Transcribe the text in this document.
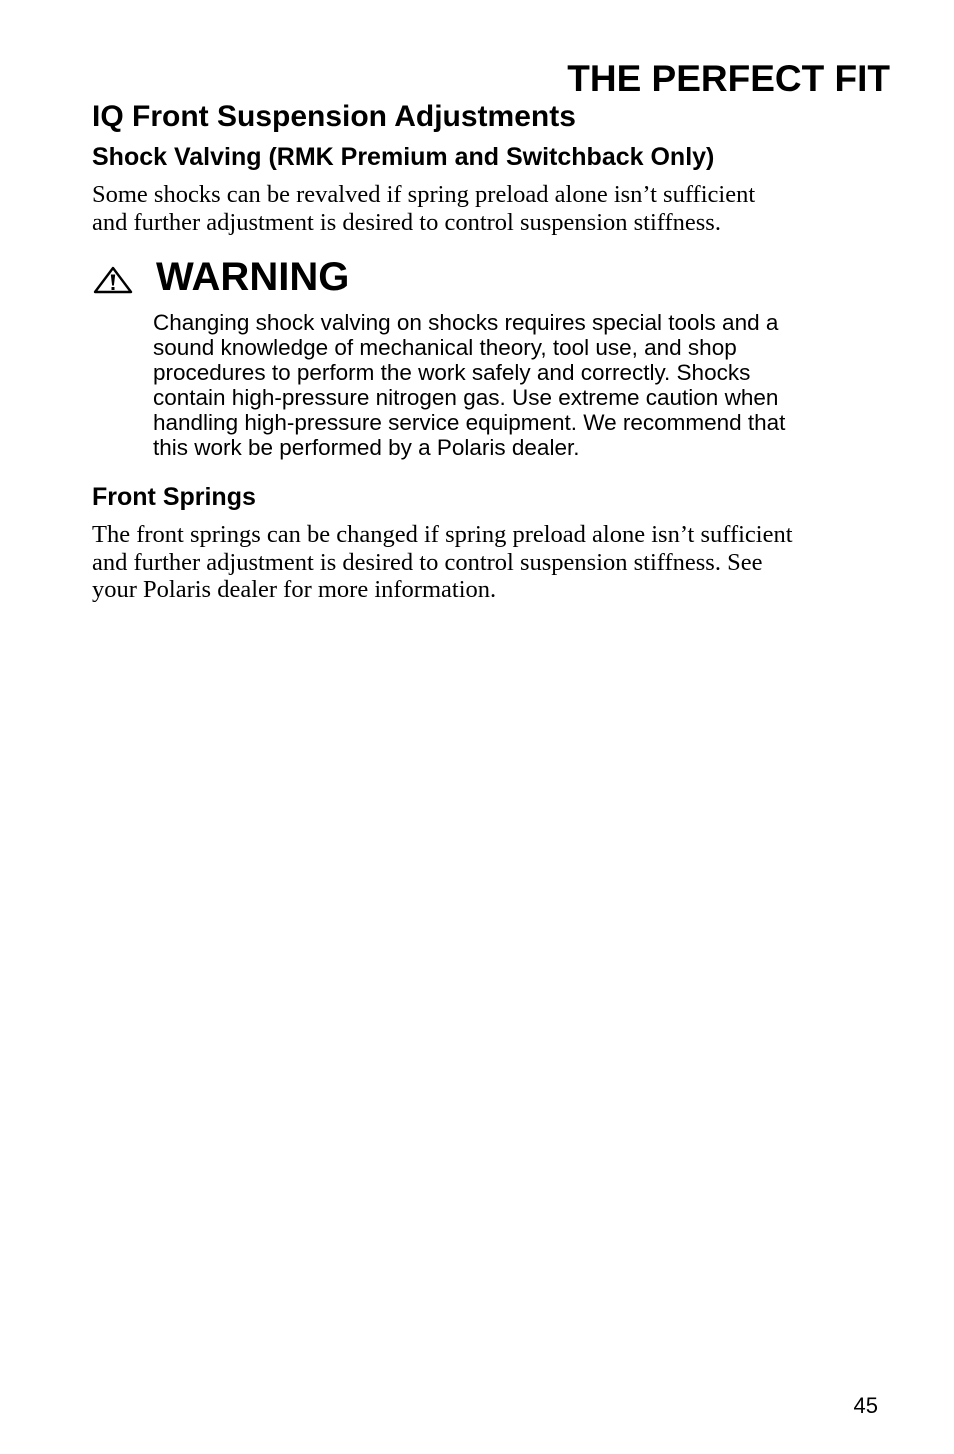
THE PERFECT FIT
IQ Front Suspension Adjustments
Shock Valving (RMK Premium and Switchback Only)

Some shocks can be revalved if spring preload alone isn’t sufficient
and further adjustment is desired to control suspension stiffness.

WARNING

Changing shock valving on shocks requires special tools and a
sound knowledge of mechanical theory, tool use, and shop
procedures to perform the work safely and correctly. Shocks
contain high-pressure nitrogen gas. Use extreme caution when
handling high-pressure service equipment. We recommend that
this work be performed by a Polaris dealer.

Front Springs

The front springs can be changed if spring preload alone isn’t sufficient
and further adjustment is desired to control suspension stiffness. See
your Polaris dealer for more information.

45
